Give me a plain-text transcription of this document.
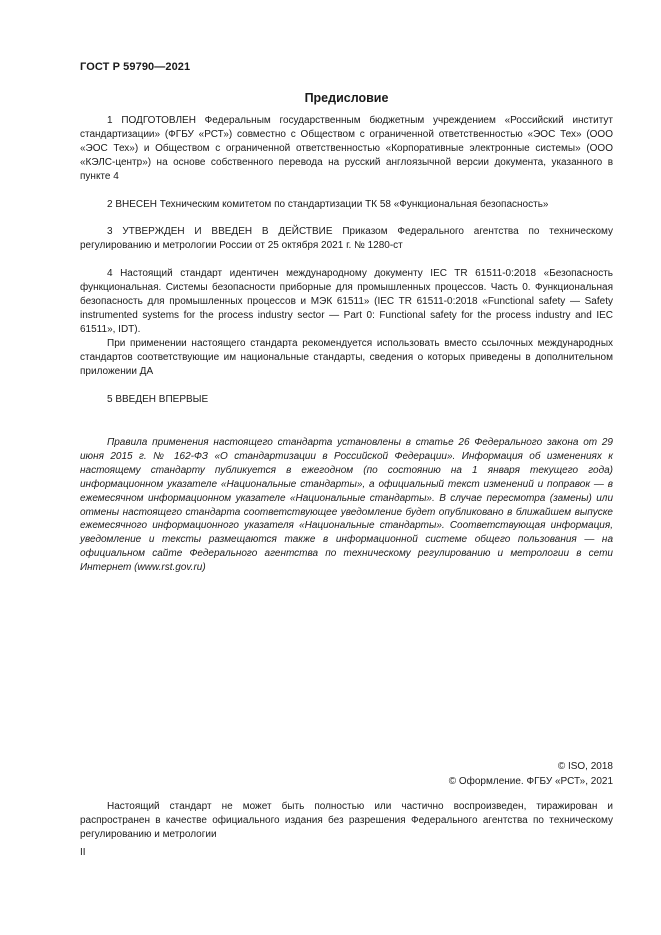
ГОСТ Р 59790—2021
Предисловие

1 ПОДГОТОВЛЕН Федеральным государственным бюджетным учреждением «Российский институт стандартизации» (ФГБУ «РСТ») совместно с Обществом с ограниченной ответственностью «ЭОС Тех» (ООО «ЭОС Тех») и Обществом с ограниченной ответственностью «Корпоративные электронные системы» (ООО «КЭЛС-центр») на основе собственного перевода на русский англоязычной версии документа, указанного в пункте 4

2 ВНЕСЕН Техническим комитетом по стандартизации ТК 58 «Функциональная безопасность»

3 УТВЕРЖДЕН И ВВЕДЕН В ДЕЙСТВИЕ Приказом Федерального агентства по техническому регулированию и метрологии России от 25 октября 2021 г. № 1280-ст

4 Настоящий стандарт идентичен международному документу IEC TR 61511-0:2018 «Безопасность функциональная. Системы безопасности приборные для промышленных процессов. Часть 0. Функциональная безопасность для промышленных процессов и МЭК 61511» (IEC TR 61511-0:2018 «Functional safety — Safety instrumented systems for the process industry sector — Part 0: Functional safety for the process industry and IEC 61511», IDT).

При применении настоящего стандарта рекомендуется использовать вместо ссылочных международных стандартов соответствующие им национальные стандарты, сведения о которых приведены в дополнительном приложении ДА

5 ВВЕДЕН ВПЕРВЫЕ

Правила применения настоящего стандарта установлены в статье 26 Федерального закона от 29 июня 2015 г. № 162-ФЗ «О стандартизации в Российской Федерации». Информация об изменениях к настоящему стандарту публикуется в ежегодном (по состоянию на 1 января текущего года) информационном указателе «Национальные стандарты», а официальный текст изменений и поправок — в ежемесячном информационном указателе «Национальные стандарты». В случае пересмотра (замены) или отмены настоящего стандарта соответствующее уведомление будет опубликовано в ближайшем выпуске ежемесячного информационного указателя «Национальные стандарты». Соответствующая информация, уведомление и тексты размещаются также в информационной системе общего пользования — на официальном сайте Федерального агентства по техническому регулированию и метрологии в сети Интернет (www.rst.gov.ru)

© ISO, 2018
© Оформление. ФГБУ «РСТ», 2021

Настоящий стандарт не может быть полностью или частично воспроизведен, тиражирован и распространен в качестве официального издания без разрешения Федерального агентства по техническому регулированию и метрологии

II
